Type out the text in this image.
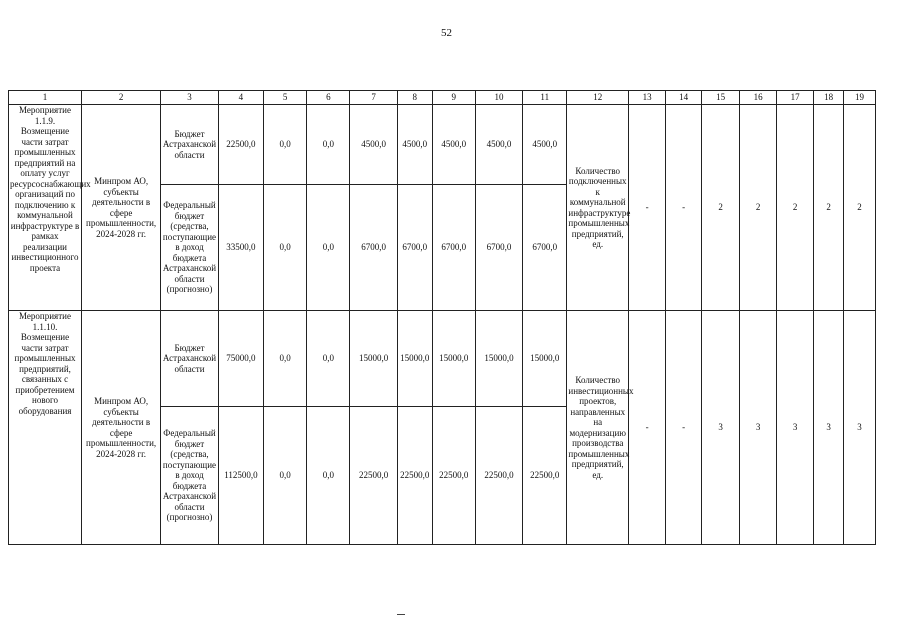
52
1	2	3	4	5	6	7	8	9	10	11	12	13	14	15	16	17	18	19
Мероприятие 1.1.9. Возмещение части затрат промышленных предприятий на оплату услуг ресурсоснабжающих организаций по подключению к коммунальной инфраструктуре в рамках реализации инвестиционного проекта	Минпром АО, субъекты деятельности в сфере промышленности, 2024-2028 гг.	Бюджет Астраханской области	22500,0	0,0	0,0	4500,0	4500,0	4500,0	4500,0	4500,0	Количество подключенных к коммунальной инфраструктуре промышленных предприятий, ед.	-	-	2	2	2	2	2
		Федеральный бюджет (средства, поступающие в доход бюджета Астраханской области (прогнозно)	33500,0	0,0	0,0	6700,0	6700,0	6700,0	6700,0	6700,0								
Мероприятие 1.1.10. Возмещение части затрат промышленных предприятий, связанных с приобретением нового оборудования	Минпром АО, субъекты деятельности в сфере промышленности, 2024-2028 гг.	Бюджет Астраханской области	75000,0	0,0	0,0	15000,0	15000,0	15000,0	15000,0	15000,0	Количество инвестиционных проектов, направленных на модернизацию производства промышленных предприятий, ед.	-	-	3	3	3	3	3
		Федеральный бюджет (средства, поступающие в доход бюджета Астраханской области (прогнозно)	112500,0	0,0	0,0	22500,0	22500,0	22500,0	22500,0	22500,0								
